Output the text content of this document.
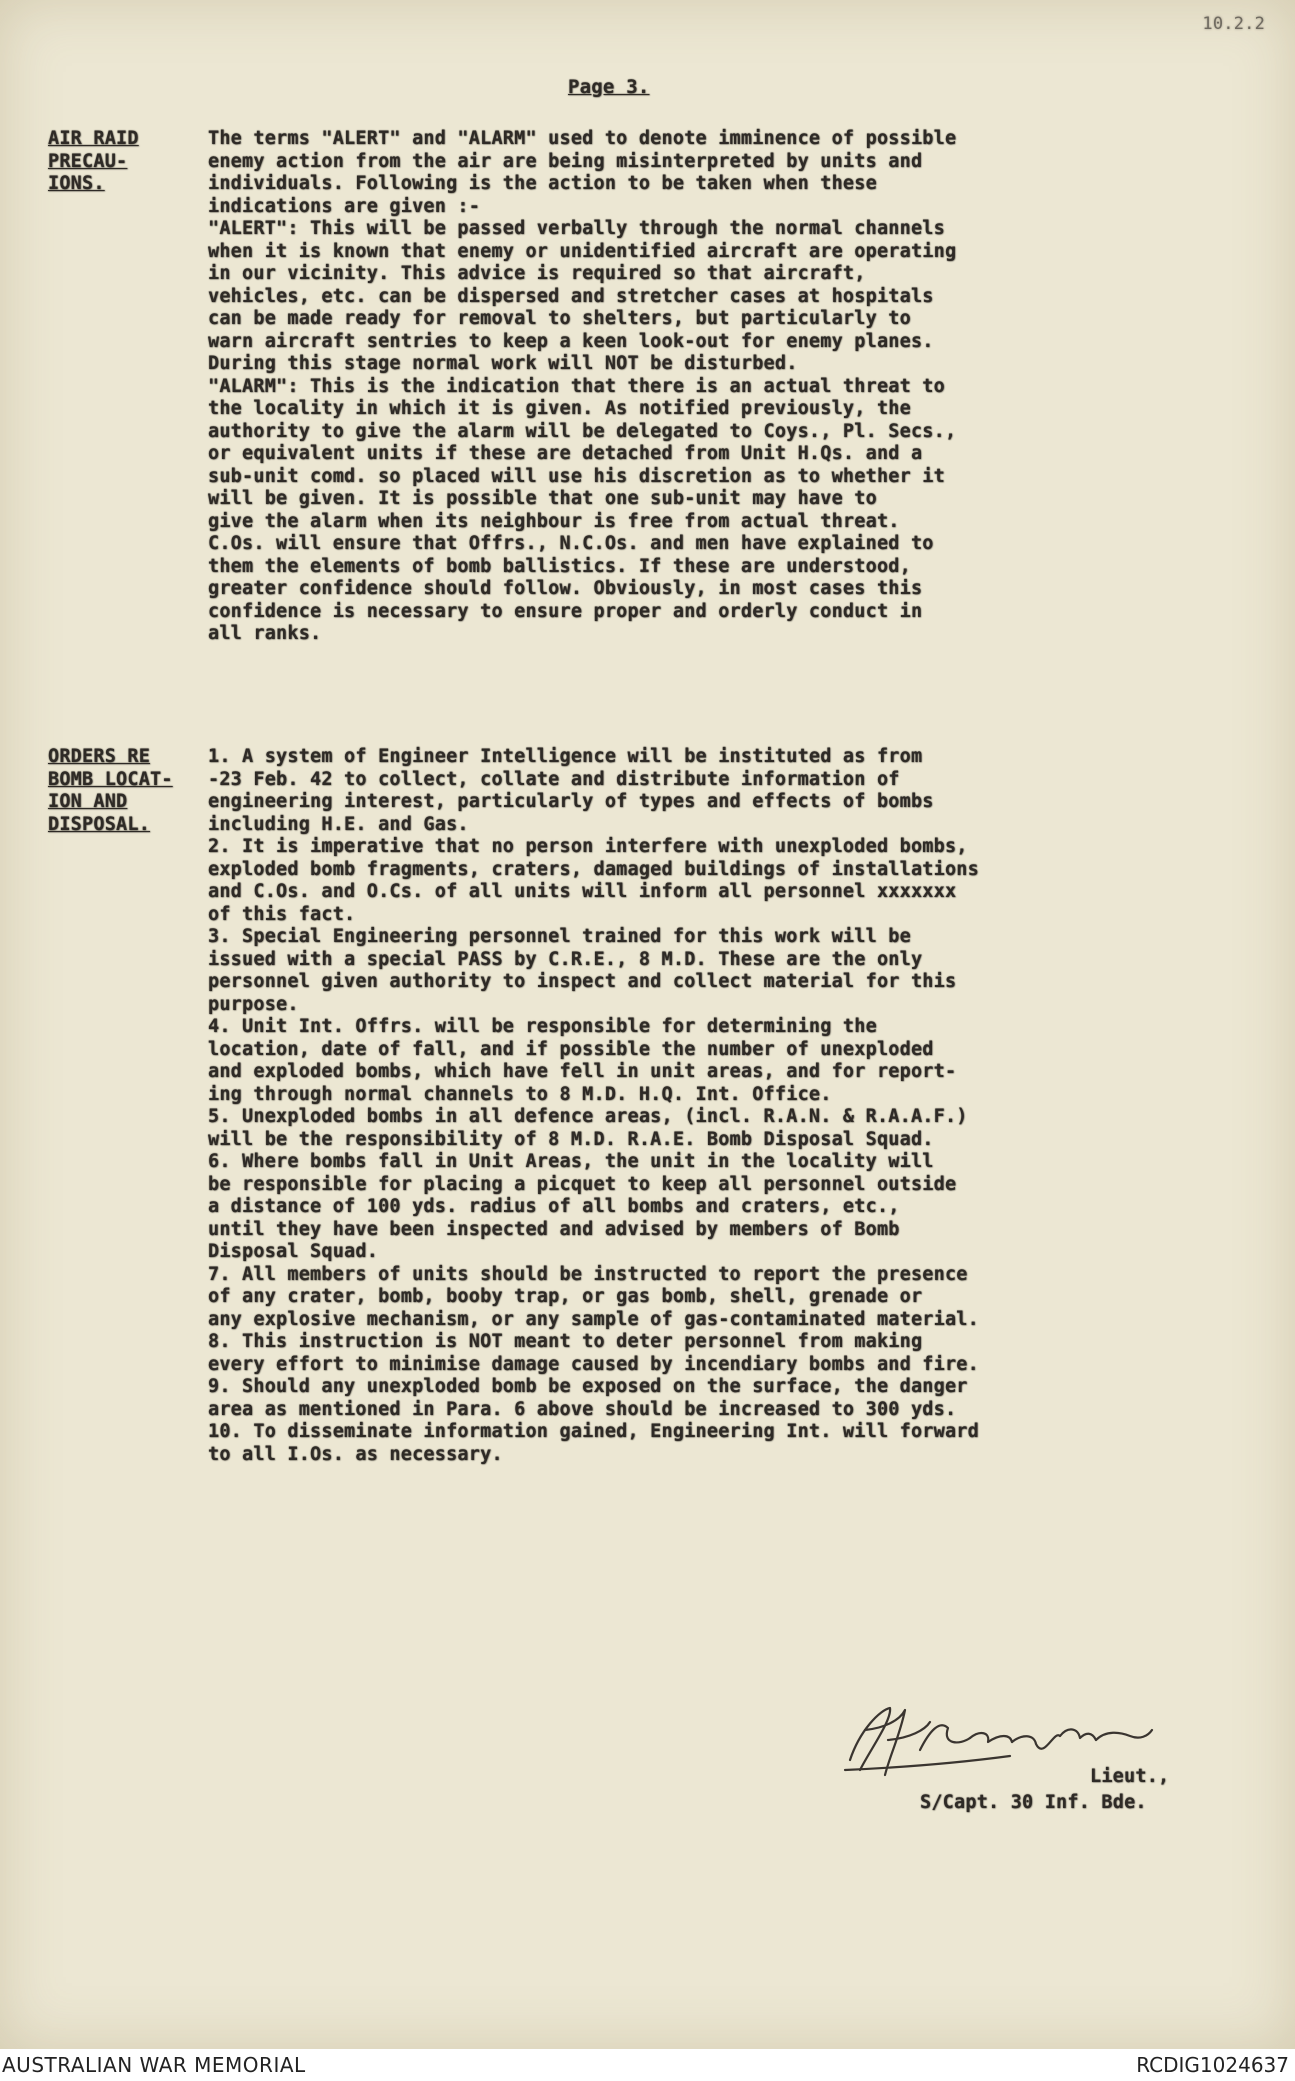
10.2.2
Page 3.
AIR RAID
PRECAU-
IONS.
The terms "ALERT" and "ALARM" used to denote imminence of possible
enemy action from the air are being misinterpreted by units and
individuals. Following is the action to be taken when these
indications are given :-
"ALERT": This will be passed verbally through the normal channels
when it is known that enemy or unidentified aircraft are operating
in our vicinity. This advice is required so that aircraft,
vehicles, etc. can be dispersed and stretcher cases at hospitals
can be made ready for removal to shelters, but particularly to
warn aircraft sentries to keep a keen look-out for enemy planes.
During this stage normal work will NOT be disturbed.
"ALARM": This is the indication that there is an actual threat to
the locality in which it is given. As notified previously, the
authority to give the alarm will be delegated to Coys., Pl. Secs.,
or equivalent units if these are detached from Unit H.Qs. and a
sub-unit comd. so placed will use his discretion as to whether it
will be given. It is possible that one sub-unit may have to
give the alarm when its neighbour is free from actual threat.
C.Os. will ensure that Offrs., N.C.Os. and men have explained to
them the elements of bomb ballistics. If these are understood,
greater confidence should follow. Obviously, in most cases this
confidence is necessary to ensure proper and orderly conduct in
all ranks.
ORDERS RE
BOMB LOCAT-
ION AND
DISPOSAL.
1. A system of Engineer Intelligence will be instituted as from
-23 Feb. 42 to collect, collate and distribute information of
engineering interest, particularly of types and effects of bombs
including H.E. and Gas.
2. It is imperative that no person interfere with unexploded bombs,
exploded bomb fragments, craters, damaged buildings of installations
and C.Os. and O.Cs. of all units will inform all personnel xxxxxxx
of this fact.
3. Special Engineering personnel trained for this work will be
issued with a special PASS by C.R.E., 8 M.D. These are the only
personnel given authority to inspect and collect material for this
purpose.
4. Unit Int. Offrs. will be responsible for determining the
location, date of fall, and if possible the number of unexploded
and exploded bombs, which have fell in unit areas, and for report-
ing through normal channels to 8 M.D. H.Q. Int. Office.
5. Unexploded bombs in all defence areas, (incl. R.A.N. & R.A.A.F.)
will be the responsibility of 8 M.D. R.A.E. Bomb Disposal Squad.
6. Where bombs fall in Unit Areas, the unit in the locality will
be responsible for placing a picquet to keep all personnel outside
a distance of 100 yds. radius of all bombs and craters, etc.,
until they have been inspected and advised by members of Bomb
Disposal Squad.
7. All members of units should be instructed to report the presence
of any crater, bomb, booby trap, or gas bomb, shell, grenade or
any explosive mechanism, or any sample of gas-contaminated material.
8. This instruction is NOT meant to deter personnel from making
every effort to minimise damage caused by incendiary bombs and fire.
9. Should any unexploded bomb be exposed on the surface, the danger
area as mentioned in Para. 6 above should be increased to 300 yds.
10. To disseminate information gained, Engineering Int. will forward
to all I.Os. as necessary.
Lieut.,
S/Capt. 30 Inf. Bde.
AUSTRALIAN WAR MEMORIAL	RCDIG1024637
